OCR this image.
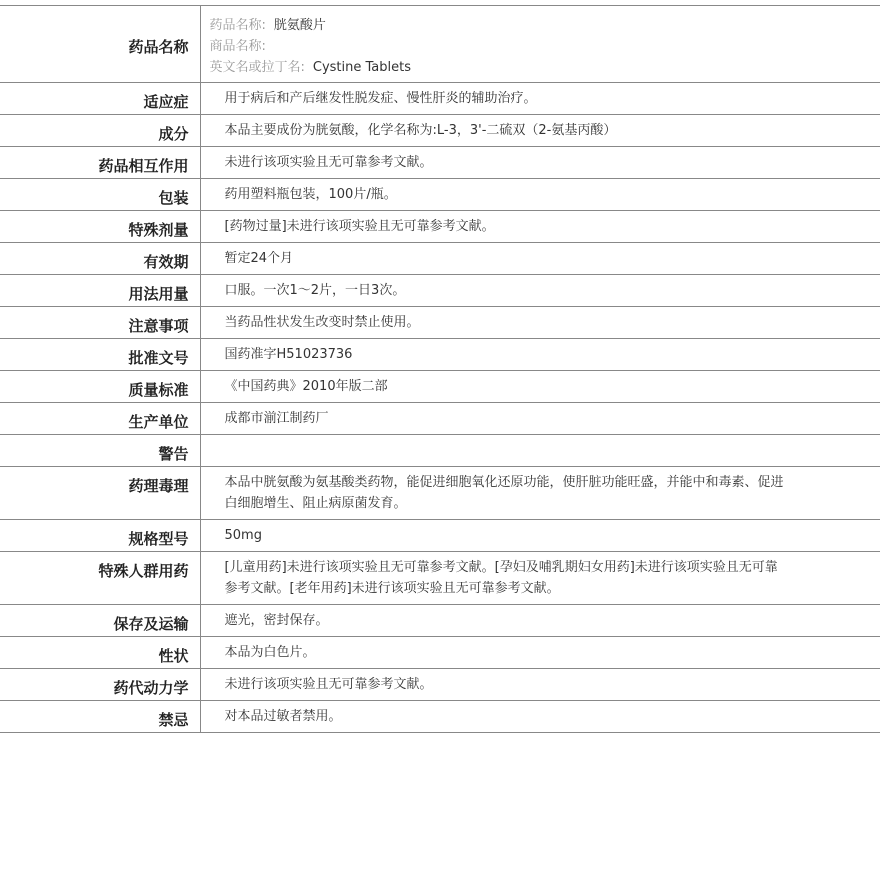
药品名称	药品名称: 胱氨酸片
商品名称:
英文名或拉丁名: Cystine Tablets

适应症	用于病后和产后继发性脱发症、慢性肝炎的辅助治疗。
成分	本品主要成份为胱氨酸，化学名称为:L-3，3'-二硫双（2-氨基丙酸）
药品相互作用	未进行该项实验且无可靠参考文献。
包装	药用塑料瓶包装，100片/瓶。
特殊剂量	[药物过量]未进行该项实验且无可靠参考文献。
有效期	暂定24个月
用法用量	口服。一次1～2片，一日3次。
注意事项	当药品性状发生改变时禁止使用。
批准文号	国药准字H51023736
质量标准	《中国药典》2010年版二部
生产单位	成都市湔江制药厂
警告	
药理毒理	本品中胱氨酸为氨基酸类药物，能促进细胞氧化还原功能，使肝脏功能旺盛，并能中和毒素、促进白细胞增生、阻止病原菌发育。
规格型号	50mg
特殊人群用药	[儿童用药]未进行该项实验且无可靠参考文献。[孕妇及哺乳期妇女用药]未进行该项实验且无可靠参考文献。[老年用药]未进行该项实验且无可靠参考文献。
保存及运输	遮光，密封保存。
性状	本品为白色片。
药代动力学	未进行该项实验且无可靠参考文献。
禁忌	对本品过敏者禁用。
